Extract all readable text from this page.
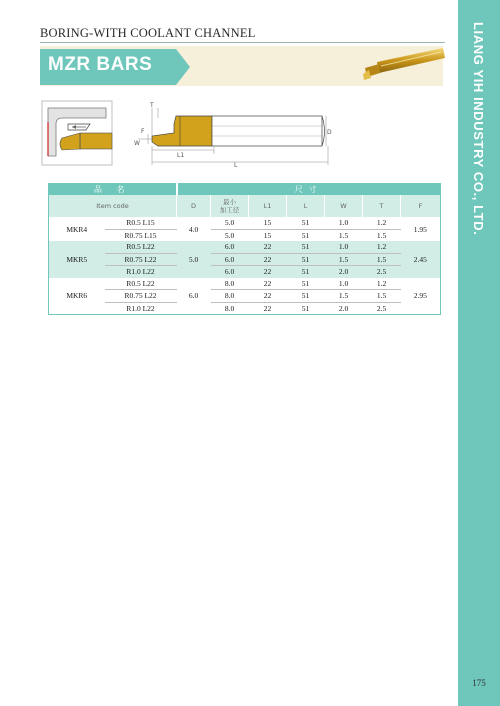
LIANG YIH INDUSTRY CO., LTD.
175
BORING-WITH COOLANT CHANNEL
MZR BARS
T
D
F
W
L1
L
品 名		尺寸						
Item code		D	最小
加工径	L1	L	W	T	F
MKR4	R0.5 L15	4.0	5.0	15	51	1.0	1.2	1.95
	R0.75 L15		5.0	15	51	1.5	1.5	
MKR5	R0.5 L22	5.0	6.0	22	51	1.0	1.2	2.45
	R0.75 L22		6.0	22	51	1.5	1.5	
	R1.0 L22		6.0	22	51	2.0	2.5	
MKR6	R0.5 L22	6.0	8.0	22	51	1.0	1.2	2.95
	R0.75 L22		8.0	22	51	1.5	1.5	
	R1.0 L22		8.0	22	51	2.0	2.5	
